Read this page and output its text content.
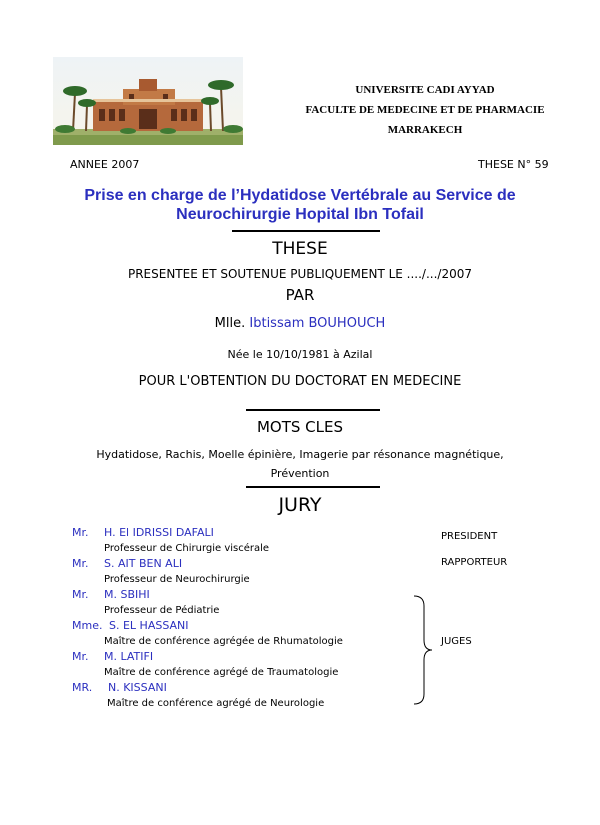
UNIVERSITE CADI AYYAD
FACULTE DE MEDECINE ET DE PHARMACIE
MARRAKECH
ANNEE 2007	THESE N° 59
Prise en charge de l’Hydatidose Vertébrale au Service de
Neurochirurgie Hopital Ibn Tofail
THESE
PRESENTEE ET SOUTENUE PUBLIQUEMENT LE ..../.../2007
PAR
Mlle. Ibtissam BOUHOUCH
Née le 10/10/1981 à Azilal
POUR L'OBTENTION DU DOCTORAT EN MEDECINE
MOTS CLES
Hydatidose, Rachis, Moelle épinière, Imagerie par résonance magnétique,
Prévention
JURY
Mr. H. El IDRISSI DAFALI
Professeur de Chirurgie viscérale
Mr. S. AIT BEN ALI
Professeur de Neurochirurgie
Mr. M. SBIHI
Professeur de Pédiatrie
Mme. S. EL HASSANI
Maître de conférence agrégée de Rhumatologie
Mr. M. LATIFI
Maître de conférence agrégé de Traumatologie
MR. N. KISSANI
Maître de conférence agrégé de Neurologie
PRESIDENT
RAPPORTEUR
JUGES
